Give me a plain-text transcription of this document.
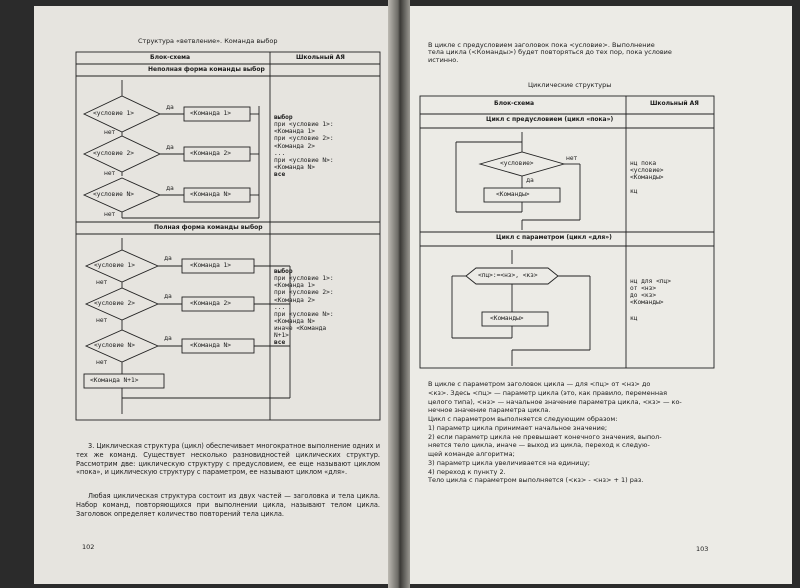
Структура «ветвление». Команда выбор
Блок-схема	Школьный АЯ
Неполная форма команды выбор
Полная форма команды выбор
<условие 1>
<условие 2>
<условие N>
<Команда 1>
<Команда 2>
<Команда N>
да
да
да
нет
нет
нет
<условие 1>
<условие 2>
<условие N>
<Команда 1>
<Команда 2>
<Команда N>
<Команда N+1>
да
да
да
нет
нет
нет
выбор
при <условие 1>:
<Команда 1>
при <условие 2>:
<Команда 2>
...
при <условие N>:
<Команда N>
все
выбор
при <условие 1>:
<Команда 1>
при <условие 2>:
<Команда 2>
...
при <условие N>:
<Команда N>
иначе <Команда
N+1>
все
3. Циклическая структура (цикл) обеспечивает многократное выполнение одних и тех же команд. Существует несколько разновидностей циклических структур. Рассмотрим две: циклическую структуру с предусловием, ее еще называют циклом «пока», и циклическую структуру с параметром, ее называют циклом «для».
Любая циклическая структура состоит из двух частей — заголовка и тела цикла. Набор команд, повторяющихся при выполнении цикла, называют телом цикла. Заголовок определяет количество повторений тела цикла.
102
В цикле с предусловием заголовок пока <условие>. Выполнение
тела цикла (<Команды>) будет повторяться до тех пор, пока условие
истинно.
Циклические структуры
Блок-схема	Школьный АЯ
Цикл с предусловием (цикл «пока»)
Цикл с параметром (цикл «для»)
<условие>
<Команды>
нет
да
<пц>:=<нз>, <кз>
<Команды>
нц пока
<условие>
<Команды>
кц
нц для <пц>
от <нз>
до <кз>
<Команды>
кц
В цикле с параметром заголовок цикла — для <пц> от <нз> до
<кз>. Здесь <пц> — параметр цикла (это, как правило, переменная
целого типа), <нз> — начальное значение параметра цикла, <кз> — ко-
нечное значение параметра цикла.
Цикл с параметром выполняется следующим образом:
1) параметр цикла принимает начальное значение;
2) если параметр цикла не превышает конечного значения, выпол-
няется тело цикла, иначе — выход из цикла, переход к следую-
щей команде алгоритма;
3) параметр цикла увеличивается на единицу;
4) переход к пункту 2.
Тело цикла с параметром выполняется (<кз> - <нз> + 1) раз.
103
